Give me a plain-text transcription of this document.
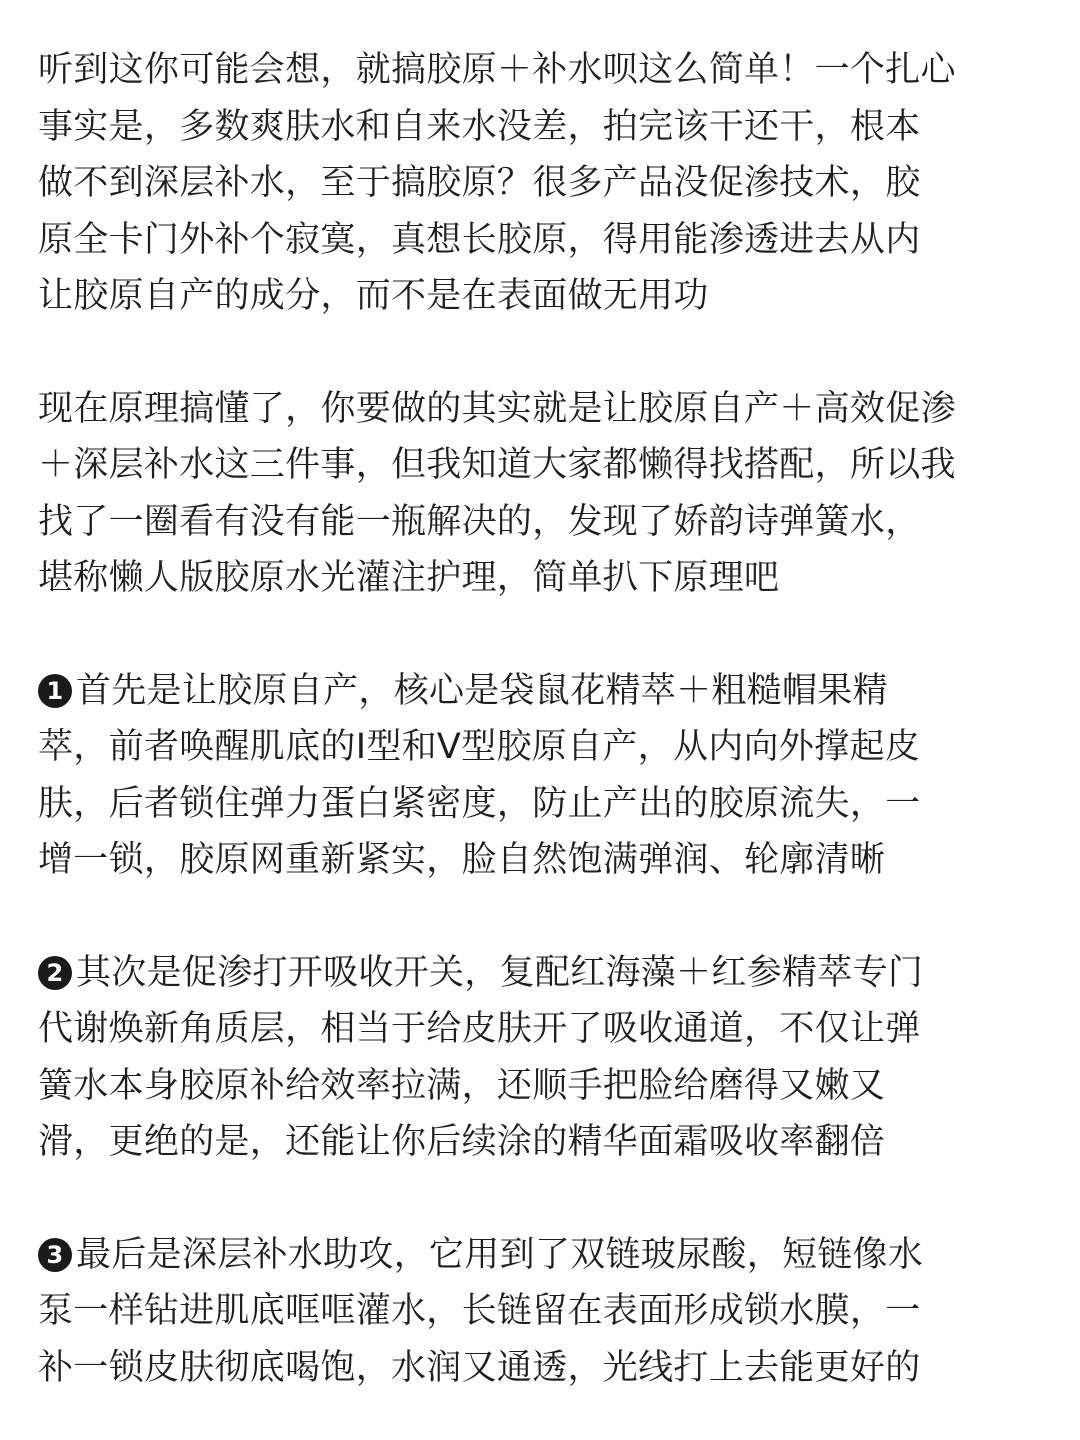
听到这你可能会想，就搞胶原＋补水呗这么简单！一个扎心
事实是，多数爽肤水和自来水没差，拍完该干还干，根本
做不到深层补水，至于搞胶原？很多产品没促渗技术，胶
原全卡门外补个寂寞，真想长胶原，得用能渗透进去从内
让胶原自产的成分，而不是在表面做无用功
现在原理搞懂了，你要做的其实就是让胶原自产＋高效促渗
＋深层补水这三件事，但我知道大家都懒得找搭配，所以我
找了一圈看有没有能一瓶解决的，发现了娇韵诗弹簧水，
堪称懒人版胶原水光灌注护理，简单扒下原理吧
1 首先是让胶原自产，核心是袋鼠花精萃＋粗糙帽果精
萃，前者唤醒肌底的I型和V型胶原自产，从内向外撑起皮
肤，后者锁住弹力蛋白紧密度，防止产出的胶原流失，一
增一锁，胶原网重新紧实，脸自然饱满弹润、轮廓清晰
2 其次是促渗打开吸收开关，复配红海藻＋红参精萃专门
代谢焕新角质层，相当于给皮肤开了吸收通道，不仅让弹
簧水本身胶原补给效率拉满，还顺手把脸给磨得又嫩又
滑，更绝的是，还能让你后续涂的精华面霜吸收率翻倍
3 最后是深层补水助攻，它用到了双链玻尿酸，短链像水
泵一样钻进肌底哐哐灌水，长链留在表面形成锁水膜，一
补一锁皮肤彻底喝饱，水润又通透，光线打上去能更好的
